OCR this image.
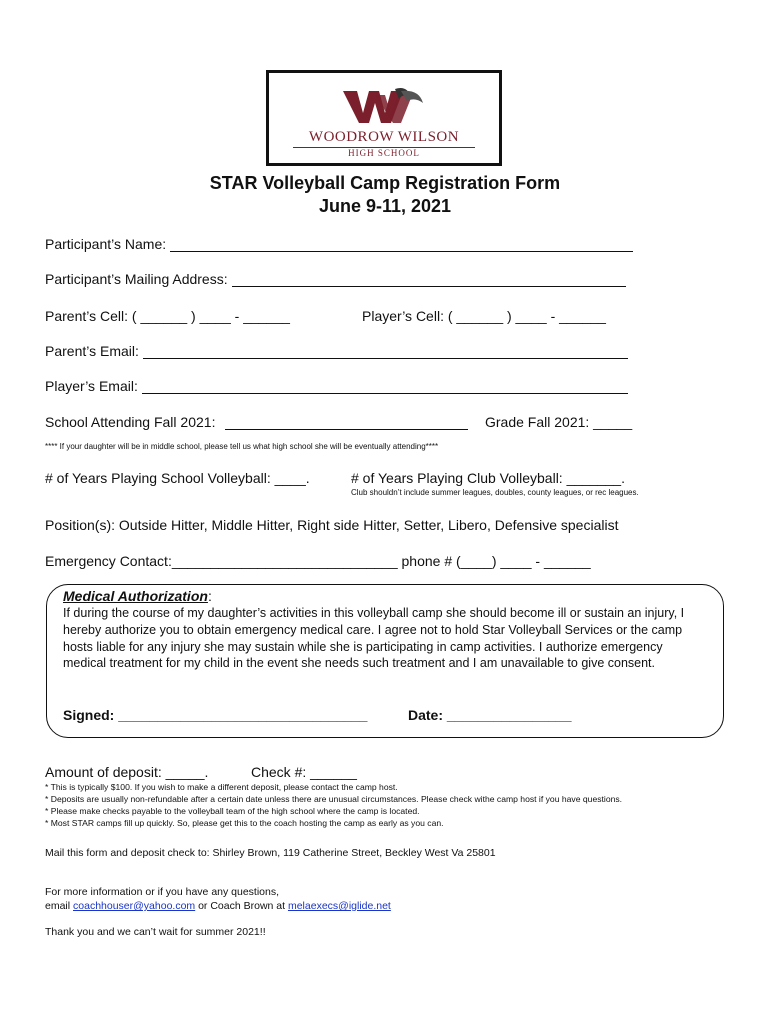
WOODROW WILSON
HIGH SCHOOL
STAR Volleyball Camp Registration Form
June 9-11, 2021
Participant’s Name:
Participant’s Mailing Address:
Parent’s Cell: ( ______ ) ____ - ______	Player’s Cell: ( ______ ) ____ - ______
Parent’s Email:
Player’s Email:
School Attending Fall 2021:	Grade Fall 2021: _____
**** If your daughter will be in middle school, please tell us what high school she will be eventually attending****
# of Years Playing School Volleyball: ____.	# of Years Playing Club Volleyball: _______.
Club shouldn’t include summer leagues, doubles, county leagues, or rec leagues.
Position(s): Outside Hitter, Middle Hitter, Right side Hitter, Setter, Libero, Defensive specialist
Emergency Contact:_____________________________ phone # (____) ____ - ______
Medical Authorization:
If during the course of my daughter’s activities in this volleyball camp she should become ill or sustain an injury, I hereby authorize you to obtain emergency medical care. I agree not to hold Star Volleyball Services or the camp hosts liable for any injury she may sustain while she is participating in camp activities. I authorize emergency medical treatment for my child in the event she needs such treatment and I am unavailable to give consent.
Signed: ________________________________	Date: ________________
Amount of deposit: _____.	Check #: ______
* This is typically $100. If you wish to make a different deposit, please contact the camp host.
* Deposits are usually non-refundable after a certain date unless there are unusual circumstances. Please check withe camp host if you have questions.
* Please make checks payable to the volleyball team of the high school where the camp is located.
* Most STAR camps fill up quickly. So, please get this to the coach hosting the camp as early as you can.
Mail this form and deposit check to: Shirley Brown, 119 Catherine Street, Beckley West Va 25801
For more information or if you have any questions,
email coachhouser@yahoo.com or Coach Brown at melaexecs@iglide.net
Thank you and we can’t wait for summer 2021!!
